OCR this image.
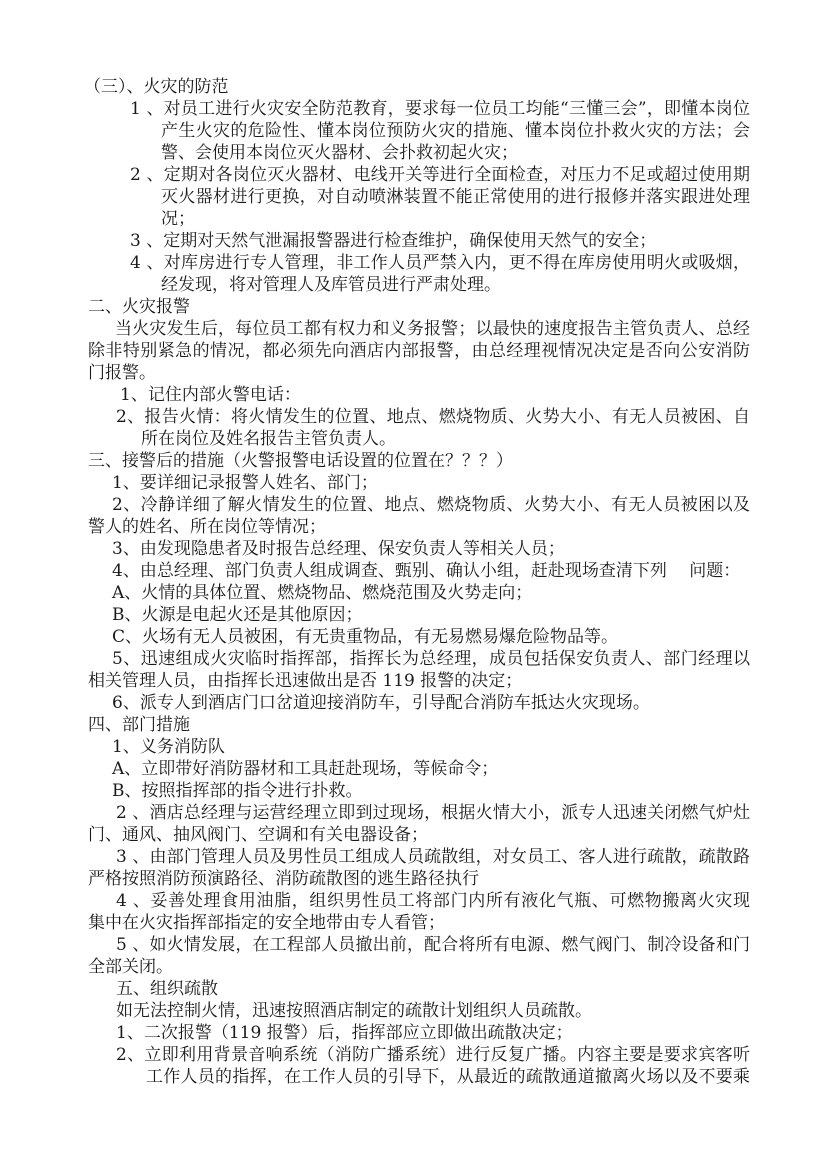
（三）、火灾的防范
1 、对员工进行火灾安全防范教育，要求每一位员工均能“三懂三会”，即懂本岗位
产生火灾的危险性、懂本岗位预防火灾的措施、懂本岗位扑救火灾的方法；会
警、会使用本岗位灭火器材、会扑救初起火灾；
2 、定期对各岗位灭火器材、电线开关等进行全面检查，对压力不足或超过使用期
灭火器材进行更换，对自动喷淋装置不能正常使用的进行报修并落实跟进处理
况；
3 、定期对天然气泄漏报警器进行检查维护，确保使用天然气的安全；
4 、对库房进行专人管理，非工作人员严禁入内，更不得在库房使用明火或吸烟，
经发现，将对管理人及库管员进行严肃处理。
二、火灾报警
当火灾发生后，每位员工都有权力和义务报警；以最快的速度报告主管负责人、总经
除非特别紧急的情况，都必须先向酒店内部报警，由总经理视情况决定是否向公安消防
门报警。
1、记住内部火警电话：
2、报告火情：将火情发生的位置、地点、燃烧物质、火势大小、有无人员被困、自
所在岗位及姓名报告主管负责人。
三、接警后的措施（火警报警电话设置的位置在？？？）
1、要详细记录报警人姓名、部门；
2、冷静详细了解火情发生的位置、地点、燃烧物质、火势大小、有无人员被困以及
警人的姓名、所在岗位等情况；
3、由发现隐患者及时报告总经理、保安负责人等相关人员；
4、由总经理、部门负责人组成调查、甄别、确认小组，赶赴现场查清下列　 问题：
A、火情的具体位置、燃烧物品、燃烧范围及火势走向；
B、火源是电起火还是其他原因；
C、火场有无人员被困，有无贵重物品，有无易燃易爆危险物品等。
5、迅速组成火灾临时指挥部，指挥长为总经理，成员包括保安负责人、部门经理以
相关管理人员，由指挥长迅速做出是否 119 报警的决定；
6、派专人到酒店门口岔道迎接消防车，引导配合消防车抵达火灾现场。
四、部门措施
1、义务消防队
A、立即带好消防器材和工具赶赴现场，等候命令；
B、按照指挥部的指令进行扑救。
2 、酒店总经理与运营经理立即到过现场，根据火情大小，派专人迅速关闭燃气炉灶
门、通风、抽风阀门、空调和有关电器设备；
3 、由部门管理人员及男性员工组成人员疏散组，对女员工、客人进行疏散，疏散路
严格按照消防预演路径、消防疏散图的逃生路径执行
4 、妥善处理食用油脂，组织男性员工将部门内所有液化气瓶、可燃物搬离火灾现
集中在火灾指挥部指定的安全地带由专人看管；
5 、如火情发展，在工程部人员撤出前，配合将所有电源、燃气阀门、制冷设备和门
全部关闭。
五、组织疏散
如无法控制火情，迅速按照酒店制定的疏散计划组织人员疏散。
1、二次报警（119 报警）后，指挥部应立即做出疏散决定；
2、立即利用背景音响系统（消防广播系统）进行反复广播。内容主要是要求宾客听
工作人员的指挥，在工作人员的引导下，从最近的疏散通道撤离火场以及不要乘
